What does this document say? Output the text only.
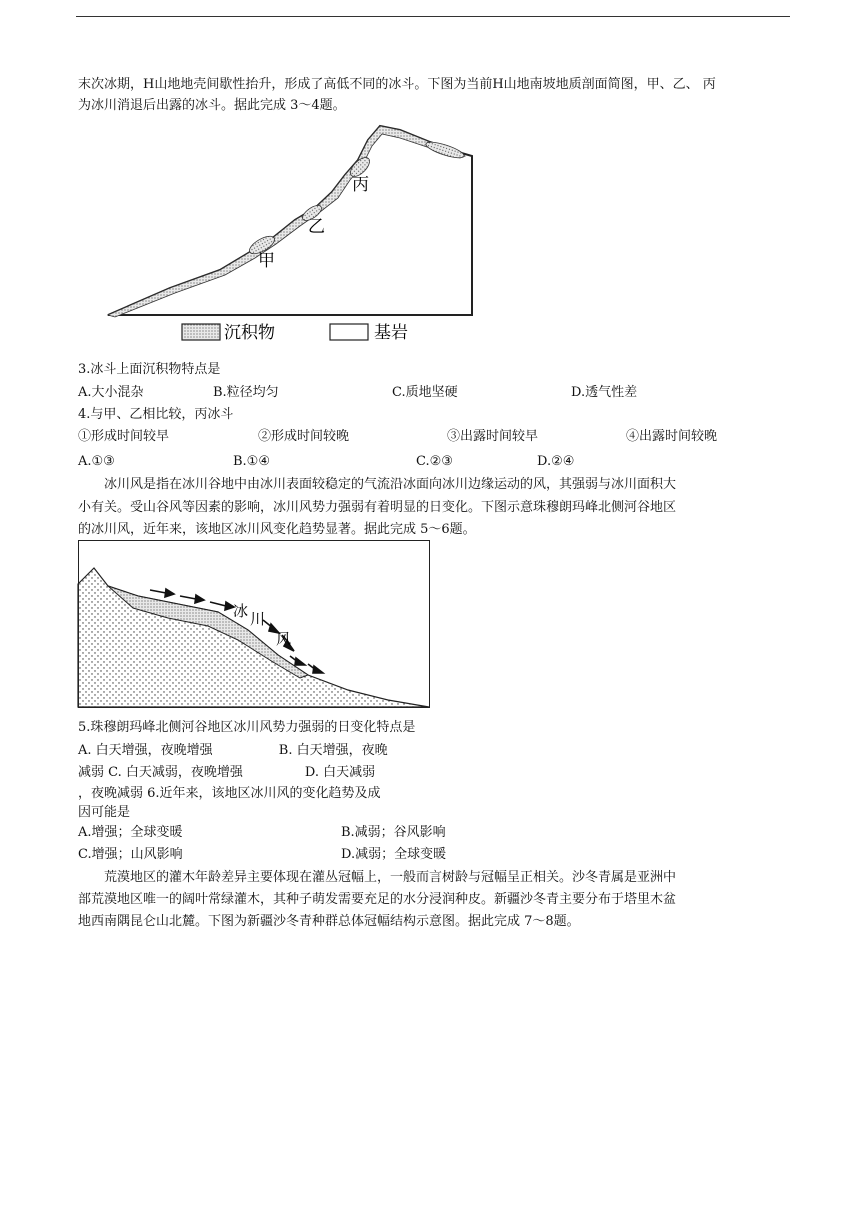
末次冰期，H山地地壳间歇性抬升，形成了高低不同的冰斗。下图为当前H山地南坡地质剖面简图，甲、乙、 丙
为冰川消退后出露的冰斗。据此完成 3～4题。
丙
乙
甲
沉积物	基岩
3.冰斗上面沉积物特点是
A.大小混杂	B.粒径均匀	C.质地坚硬	D.透气性差
4.与甲、乙相比较，丙冰斗
①形成时间较早	②形成时间较晚	③出露时间较早	④出露时间较晚
A.①③	B.①④	C.②③	D.②④
冰川风是指在冰川谷地中由冰川表面较稳定的气流沿冰面向冰川边缘运动的风，其强弱与冰川面积大
小有关。受山谷风等因素的影响，冰川风势力强弱有着明显的日变化。下图示意珠穆朗玛峰北侧河谷地区
的冰川风，近年来，该地区冰川风变化趋势显著。据此完成 5～6题。
冰 川
风
5.珠穆朗玛峰北侧河谷地区冰川风势力强弱的日变化特点是
A. 白天增强，夜晚增强                B. 白天增强，夜晚
减弱 C. 白天减弱，夜晚增强               D. 白天减弱
，夜晚减弱 6.近年来，该地区冰川风的变化趋势及成
因可能是
A.增强；全球变暖	B.减弱；谷风影响
C.增强；山风影响	D.减弱；全球变暖
荒漠地区的灌木年龄差异主要体现在灌丛冠幅上，一般而言树龄与冠幅呈正相关。沙冬青属是亚洲中
部荒漠地区唯一的阔叶常绿灌木，其种子萌发需要充足的水分浸润种皮。新疆沙冬青主要分布于塔里木盆
地西南隅昆仑山北麓。下图为新疆沙冬青种群总体冠幅结构示意图。据此完成 7～8题。
